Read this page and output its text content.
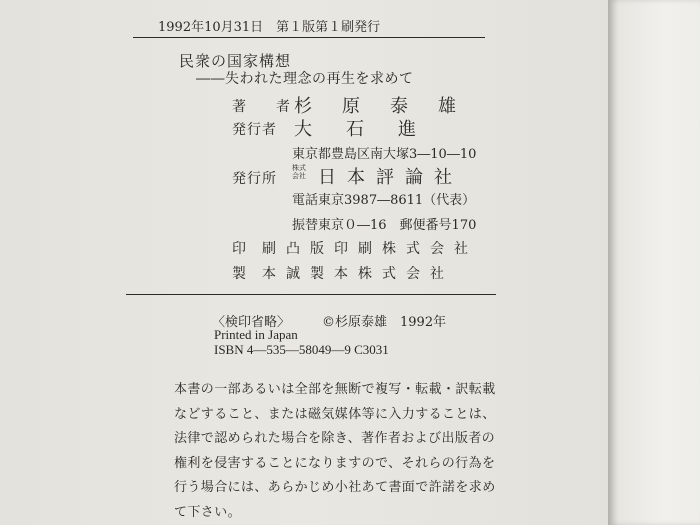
1992年10月31日　第１版第１刷発行
民衆の国家構想
――失われた理念の再生を求めて
著　者
杉原泰雄
発行者 大石進
東京都豊島区南大塚3―10―10
発行所
株式会社 日本評論社
電話東京3987―8611（代表）
振替東京０―16　郵便番号170
印刷
凸版印刷株式会社
製本
誠製本株式会社
〈検印省略〉 ©杉原泰雄　1992年
Printed in Japan
ISBN 4―535―58049―9 C3031
本書の一部あるいは全部を無断で複写・転載・訳転載
などすること、または磁気媒体等に入力することは、
法律で認められた場合を除き、著作者および出版者の
権利を侵害することになりますので、それらの行為を
行う場合には、あらかじめ小社あて書面で許諾を求め
て下さい。
